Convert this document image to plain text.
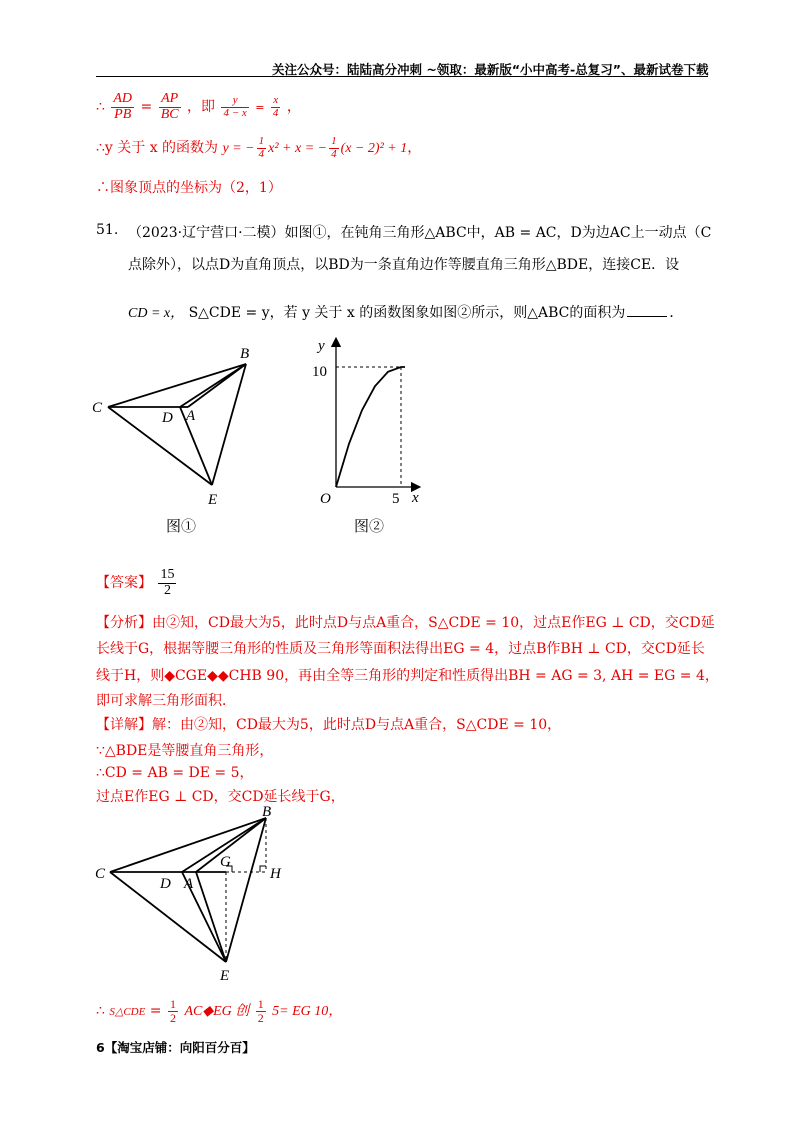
关注公众号：陆陆高分冲刺 ~领取：最新版“小中高考-总复习”、最新试卷下载
∴ $\frac{AD}{PB} = \frac{AP}{BC}$ ，即 $\frac{y}{4 - x} = \frac{x}{4}$ ，
∴y 关于 x 的函数为 y = − $\frac{1}{4} x^2 + x$ = − $\frac{1}{4} (x - 2)^2 + 1$，
∴图象顶点的坐标为（2，1）
51. （2023·辽宁营口·二模）如图①，在钝角三角形△ABC中，AB = AC，D为边AC上一动点（C
点除外），以点D为直角顶点，以BD为一条直角边作等腰直角三角形△BDE，连接CE．设
CD = x， S△CDE = y，若 y 关于 x 的函数图象如图②所示，则△ABC的面积为	．
B
C
D A
E
图①
y
x
O
10
5
图②
【答案】 $\frac{15}{2}$
【分析】由②知，CD最大为5，此时点D与点A重合，S△CDE = 10，过点E作EG ⊥ CD，交CD延
长线于G，根据等腰三角形的性质及三角形等面积法得出EG = 4，过点B作BH ⊥ CD，交CD延长
线于H，则◆CGE◆◆CHB 90，再由全等三角形的判定和性质得出BH = AG = 3, AH = EG = 4，
即可求解三角形面积．
【详解】解：由②知，CD最大为5，此时点D与点A重合，S△CDE = 10，
∵△BDE是等腰直角三角形，
∴CD = AB = DE = 5，
过点E作EG ⊥ CD，交CD延长线于G，
B
C
D A
G
H
E
∴ S△CDE = $\frac{1}{2}$ AC◆EG 创 $\frac{1}{2} 5=$ EG 10，
6【淘宝店铺：向阳百分百】
